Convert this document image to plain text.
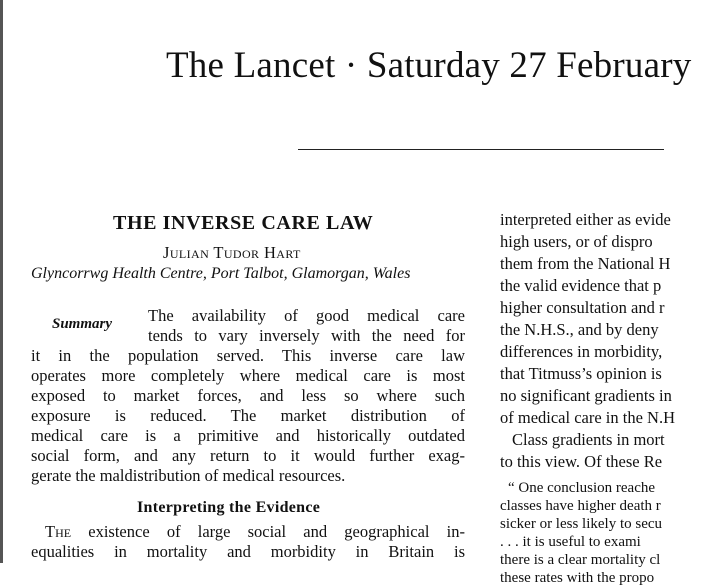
The Lancet · Saturday 27 February
THE INVERSE CARE LAW
Julian Tudor Hart
Glyncorrwg Health Centre, Port Talbot, Glamorgan, Wales
Summary The availability of good medical care
tends to vary inversely with the need for
it in the population served. This inverse care law
operates more completely where medical care is most
exposed to market forces, and less so where such
exposure is reduced. The market distribution of
medical care is a primitive and historically outdated
social form, and any return to it would further exag-
gerate the maldistribution of medical resources.
Interpreting the Evidence
The existence of large social and geographical in-
equalities in mortality and morbidity in Britain is
interpreted either as evide
high users, or of dispro
them from the National H
the valid evidence that p
higher consultation and r
the N.H.S., and by deny
differences in morbidity,
that Titmuss’s opinion is
no significant gradients in
of medical care in the N.H
Class gradients in mort
to this view. Of these Re
“ One conclusion reache
classes have higher death r
sicker or less likely to secu
. . . it is useful to exami
there is a clear mortality cl
these rates with the propo
